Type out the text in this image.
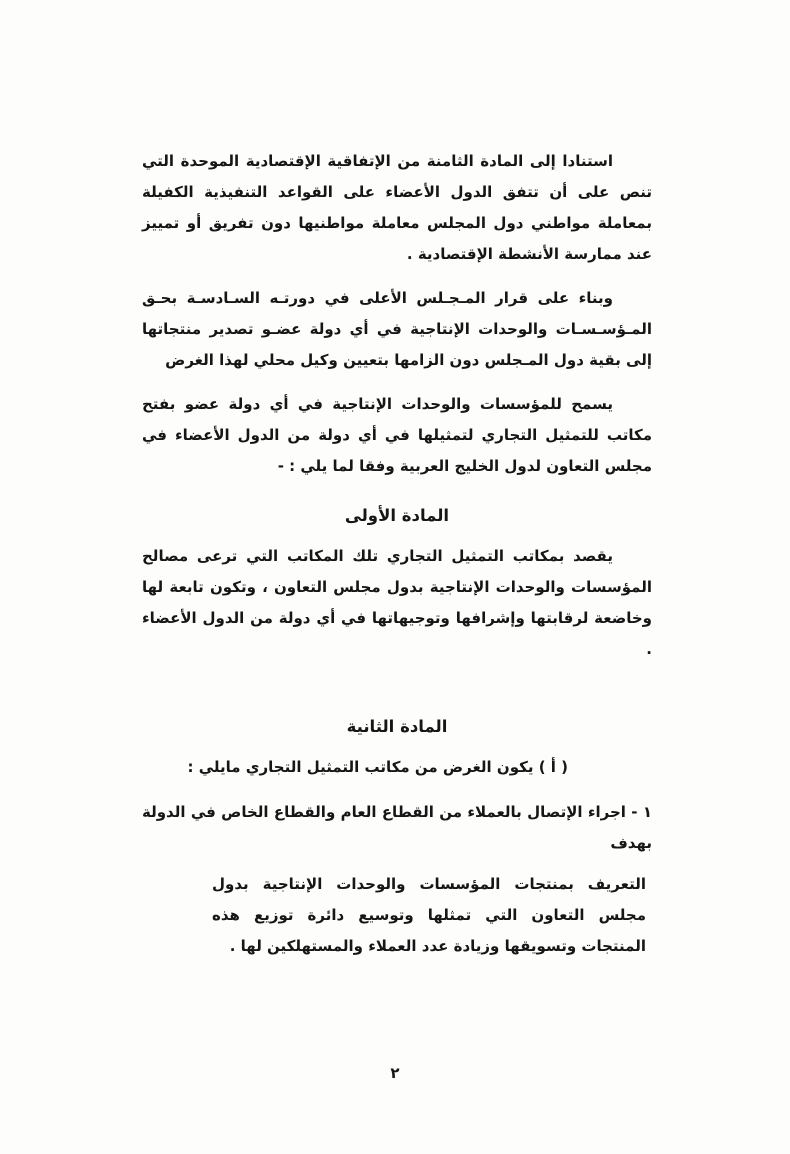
استنادا إلى المادة الثامنة من الإتفاقية الإقتصادية الموحدة التي تنص على أن تتفق الدول الأعضاء على القواعد التنفيذية الكفيلة بمعاملة مواطني دول المجلس معاملة مواطنيها دون تفريق أو تمييز عند ممارسة الأنشطة الإقتصادية .

وبناء على قرار المـجـلس الأعلى في دورتـه السـادسـة بحـق المـؤسـسـات والوحدات الإنتاجية في أي دولة عضـو تصدير منتجاتها إلى بقية دول المـجلس دون الزامها بتعيين وكيل محلي لهذا الغرض

يسمح للمؤسسات والوحدات الإنتاجية في أي دولة عضو بفتح مكاتب للتمثيل التجاري لتمثيلها في أي دولة من الدول الأعضاء في مجلس التعاون لدول الخليج العربية وفقا لما يلي : -

المادة الأولى

يقصد بمكاتب التمثيل التجاري تلك المكاتب التي ترعى مصالح المؤسسات والوحدات الإنتاجية بدول مجلس التعاون ، وتكون تابعة لها وخاضعة لرقابتها وإشرافها وتوجيهاتها في أي دولة من الدول الأعضاء .

المادة الثانية

( أ ) يكون الغرض من مكاتب التمثيل التجاري مايلي :

١ - اجراء الإتصال بالعملاء من القطاع العام والقطاع الخاص في الدولة بهدف

التعريف بمنتجات المؤسسات والوحدات الإنتاجية بدول مجلس التعاون التي تمثلها وتوسيع دائرة توزيع هذه المنتجات وتسويقها وزيادة عدد العملاء والمستهلكين لها .

٢
